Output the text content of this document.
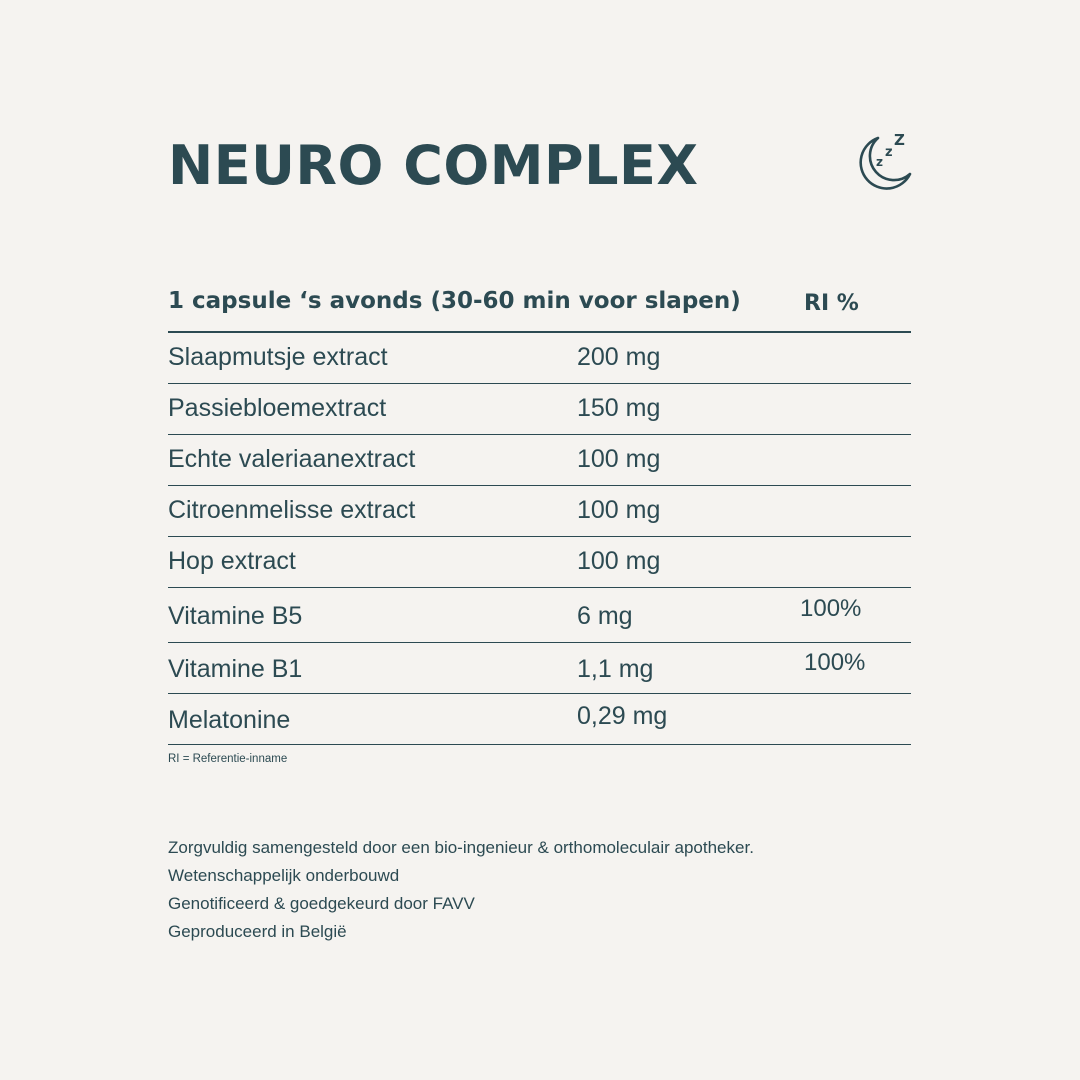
NEURO COMPLEX	z
z
Z
1 capsule ‘s avonds (30-60 min voor slapen)	RI %
Slaapmutsje extract	200 mg
Passiebloemextract	150 mg
Echte valeriaanextract	100 mg
Citroenmelisse extract	100 mg
Hop extract	100 mg
Vitamine B5	6 mg	100%
Vitamine B1	1,1 mg	100%
Melatonine	0,29 mg
RI = Referentie-inname
Zorgvuldig samengesteld door een bio-ingenieur & orthomoleculair apotheker.
Wetenschappelijk onderbouwd
Genotificeerd & goedgekeurd door FAVV
Geproduceerd in België
